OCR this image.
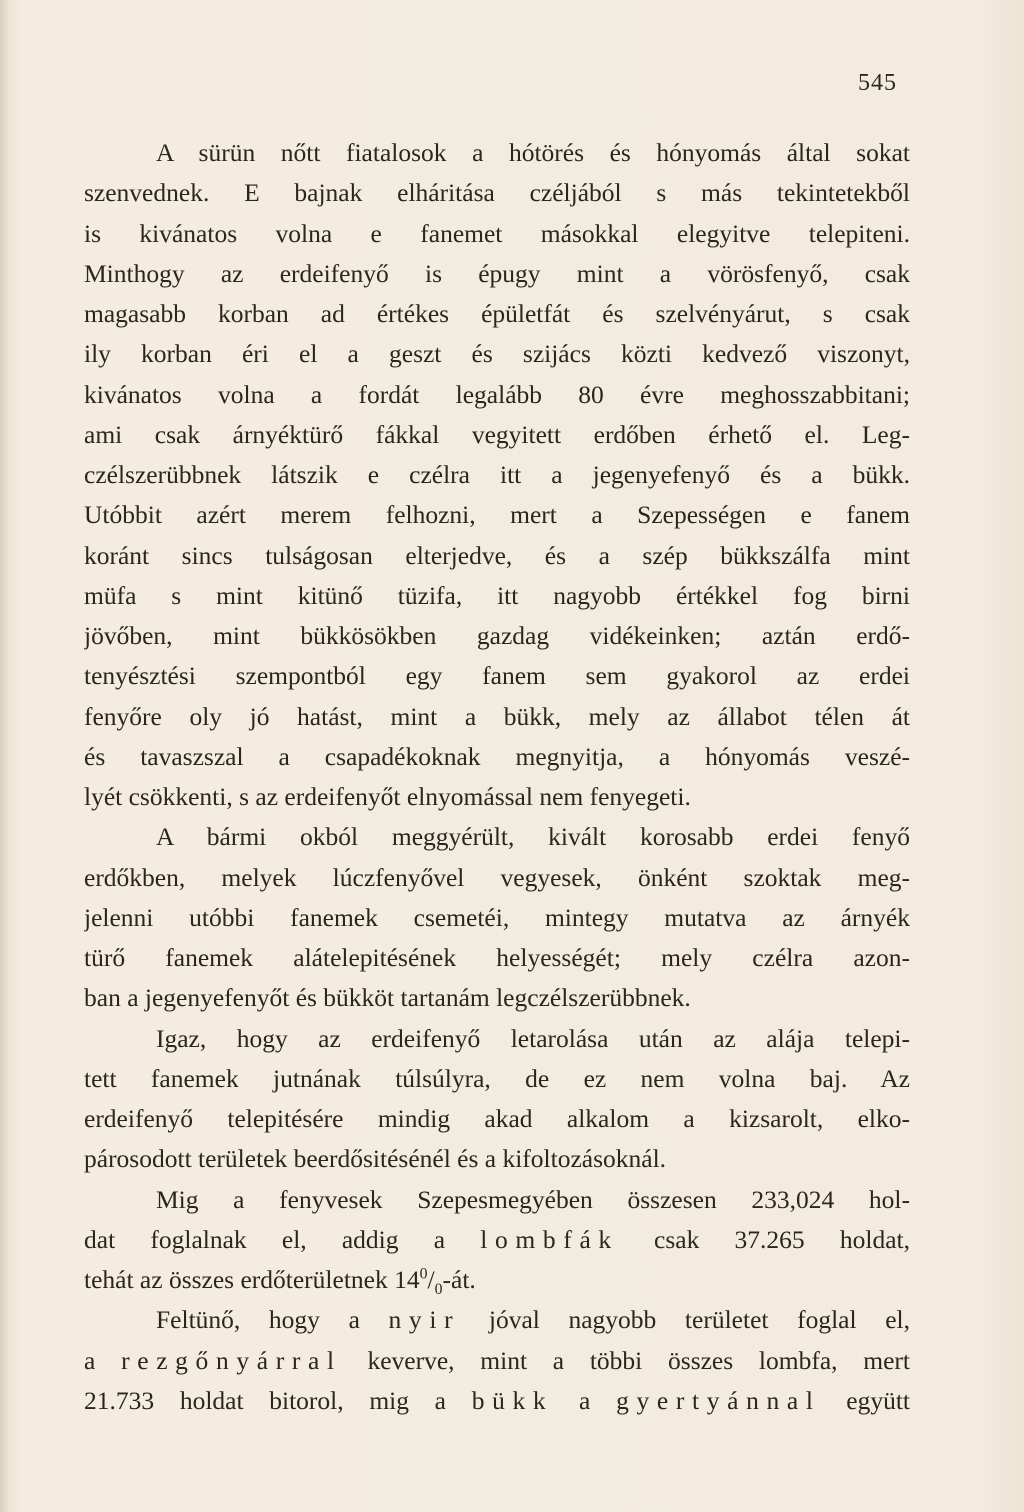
545
A sürün nőtt fiatalosok a hótörés és hónyomás által sokat
szenvednek. E bajnak elháritása czéljából s más tekintetekből
is kivánatos volna e fanemet másokkal elegyitve telepiteni.
Minthogy az erdeifenyő is épugy mint a vörösfenyő, csak
magasabb korban ad értékes épületfát és szelvényárut, s csak
ily korban éri el a geszt és szijács közti kedvező viszonyt,
kivánatos volna a fordát legalább 80 évre meghosszabbitani;
ami csak árnyéktürő fákkal vegyitett erdőben érhető el. Leg-
czélszerübbnek látszik e czélra itt a jegenyefenyő és a bükk.
Utóbbit azért merem felhozni, mert a Szepességen e fanem
koránt sincs tulságosan elterjedve, és a szép bükkszálfa mint
müfa s mint kitünő tüzifa, itt nagyobb értékkel fog birni
jövőben, mint bükkösökben gazdag vidékeinken; aztán erdő-
tenyésztési szempontból egy fanem sem gyakorol az erdei
fenyőre oly jó hatást, mint a bükk, mely az állabot télen át
és tavaszszal a csapadékoknak megnyitja, a hónyomás veszé-
lyét csökkenti, s az erdeifenyőt elnyomással nem fenyegeti.
A bármi okból meggyérült, kivált korosabb erdei fenyő
erdőkben, melyek lúczfenyővel vegyesek, önként szoktak meg-
jelenni utóbbi fanemek csemetéi, mintegy mutatva az árnyék
türő fanemek alátelepitésének helyességét; mely czélra azon-
ban a jegenyefenyőt és bükköt tartanám legczélszerübbnek.
Igaz, hogy az erdeifenyő letarolása után az alája telepi-
tett fanemek jutnának túlsúlyra, de ez nem volna baj. Az
erdeifenyő telepitésére mindig akad alkalom a kizsarolt, elko-
párosodott területek beerdősitésénél és a kifoltozásoknál.
Mig a fenyvesek Szepesmegyében összesen 233,024 hol-
dat foglalnak el, addig a lombfák csak 37.265 holdat,
tehát az összes erdőterületnek $14^0/_0-át$.
Feltünő, hogy a nyir jóval nagyobb területet foglal el,
a rezgőnyárral keverve, mint a többi összes lombfa, mert
21.733 holdat bitorol, mig a bükk a gyertyánnal együtt
